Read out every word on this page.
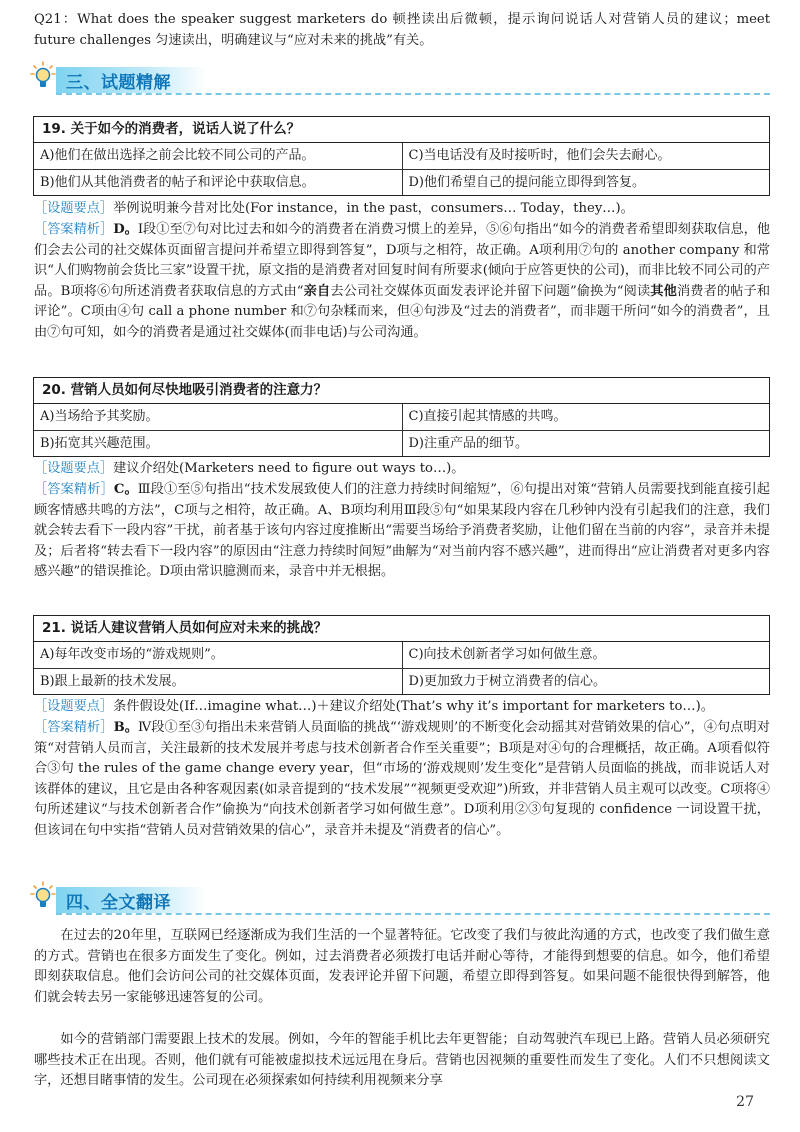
Q21：What does the speaker suggest marketers do 顿挫读出后微顿，提示询问说话人对营销人员的建议；meet future challenges 匀速读出，明确建议与“应对未来的挑战”有关。

三、试题精解
19. 关于如今的消费者，说话人说了什么？
A)他们在做出选择之前会比较不同公司的产品。	C)当电话没有及时接听时，他们会失去耐心。
B)他们从其他消费者的帖子和评论中获取信息。	D)他们希望自己的提问能立即得到答复。

［设题要点］举例说明兼今昔对比处(For instance，in the past，consumers… Today，they…)。

［答案精析］D。Ⅰ段①至⑦句对比过去和如今的消费者在消费习惯上的差异，⑤⑥句指出“如今的消费者希望即刻获取信息，他们会去公司的社交媒体页面留言提问并希望立即得到答复”，D项与之相符，故正确。A项利用⑦句的 another company 和常识“人们购物前会货比三家”设置干扰，原文指的是消费者对回复时间有所要求(倾向于应答更快的公司)，而非比较不同公司的产品。B项将⑥句所述消费者获取信息的方式由“亲自去公司社交媒体页面发表评论并留下问题”偷换为“阅读其他消费者的帖子和评论”。C项由④句 call a phone number 和⑦句杂糅而来，但④句涉及“过去的消费者”，而非题干所问“如今的消费者”，且由⑦句可知，如今的消费者是通过社交媒体(而非电话)与公司沟通。

20. 营销人员如何尽快地吸引消费者的注意力？
A)当场给予其奖励。	C)直接引起其情感的共鸣。
B)拓宽其兴趣范围。	D)注重产品的细节。

［设题要点］建议介绍处(Marketers need to figure out ways to…)。

［答案精析］C。Ⅲ段①至⑤句指出“技术发展致使人们的注意力持续时间缩短”，⑥句提出对策“营销人员需要找到能直接引起顾客情感共鸣的方法”，C项与之相符，故正确。A、B项均利用Ⅲ段⑤句“如果某段内容在几秒钟内没有引起我们的注意，我们就会转去看下一段内容”干扰，前者基于该句内容过度推断出“需要当场给予消费者奖励，让他们留在当前的内容”，录音并未提及；后者将“转去看下一段内容”的原因由“注意力持续时间短”曲解为“对当前内容不感兴趣”，进而得出“应让消费者对更多内容感兴趣”的错误推论。D项由常识臆测而来，录音中并无根据。

21. 说话人建议营销人员如何应对未来的挑战？
A)每年改变市场的“游戏规则”。	C)向技术创新者学习如何做生意。
B)跟上最新的技术发展。	D)更加致力于树立消费者的信心。

［设题要点］条件假设处(If…imagine what…)＋建议介绍处(That’s why it’s important for marketers to…)。

［答案精析］B。Ⅳ段①至③句指出未来营销人员面临的挑战“‘游戏规则’的不断变化会动摇其对营销效果的信心”，④句点明对策“对营销人员而言，关注最新的技术发展并考虑与技术创新者合作至关重要”；B项是对④句的合理概括，故正确。A项看似符合③句 the rules of the game change every year，但“市场的‘游戏规则’发生变化”是营销人员面临的挑战，而非说话人对该群体的建议，且它是由各种客观因素(如录音提到的“技术发展”“视频更受欢迎”)所致，并非营销人员主观可以改变。C项将④句所述建议“与技术创新者合作”偷换为“向技术创新者学习如何做生意”。D项利用②③句复现的 confidence 一词设置干扰，但该词在句中实指“营销人员对营销效果的信心”，录音并未提及“消费者的信心”。

四、全文翻译

在过去的20年里，互联网已经逐渐成为我们生活的一个显著特征。它改变了我们与彼此沟通的方式，也改变了我们做生意的方式。营销也在很多方面发生了变化。例如，过去消费者必须拨打电话并耐心等待，才能得到想要的信息。如今，他们希望即刻获取信息。他们会访问公司的社交媒体页面，发表评论并留下问题，希望立即得到答复。如果问题不能很快得到解答，他们就会转去另一家能够迅速答复的公司。

如今的营销部门需要跟上技术的发展。例如，今年的智能手机比去年更智能；自动驾驶汽车现已上路。营销人员必须研究哪些技术正在出现。否则，他们就有可能被虚拟技术远远甩在身后。营销也因视频的重要性而发生了变化。人们不只想阅读文字，还想目睹事情的发生。公司现在必须探索如何持续利用视频来分享

27
